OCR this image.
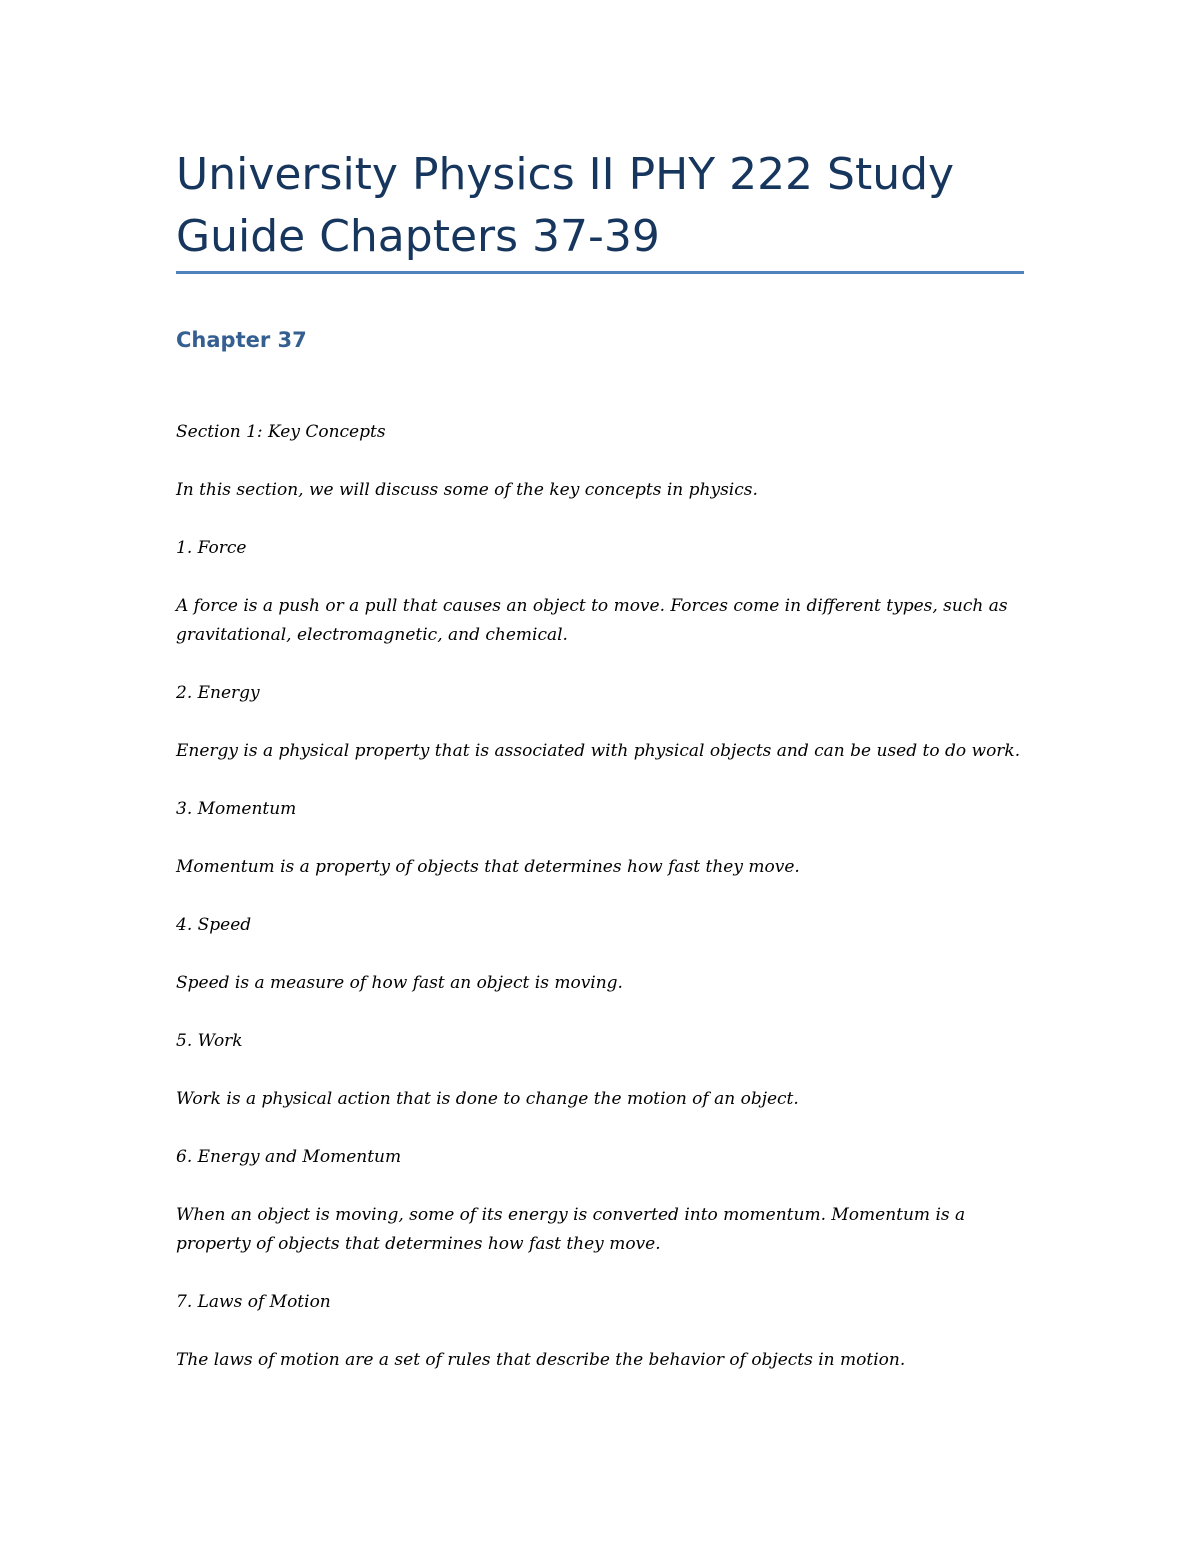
University Physics II PHY 222 Study Guide Chapters 37-39
Chapter 37

Section 1: Key Concepts

In this section, we will discuss some of the key concepts in physics.

1. Force

A force is a push or a pull that causes an object to move. Forces come in different types, such as gravitational, electromagnetic, and chemical.

2. Energy

Energy is a physical property that is associated with physical objects and can be used to do work.

3. Momentum

Momentum is a property of objects that determines how fast they move.

4. Speed

Speed is a measure of how fast an object is moving.

5. Work

Work is a physical action that is done to change the motion of an object.

6. Energy and Momentum

When an object is moving, some of its energy is converted into momentum. Momentum is a property of objects that determines how fast they move.

7. Laws of Motion

The laws of motion are a set of rules that describe the behavior of objects in motion.
